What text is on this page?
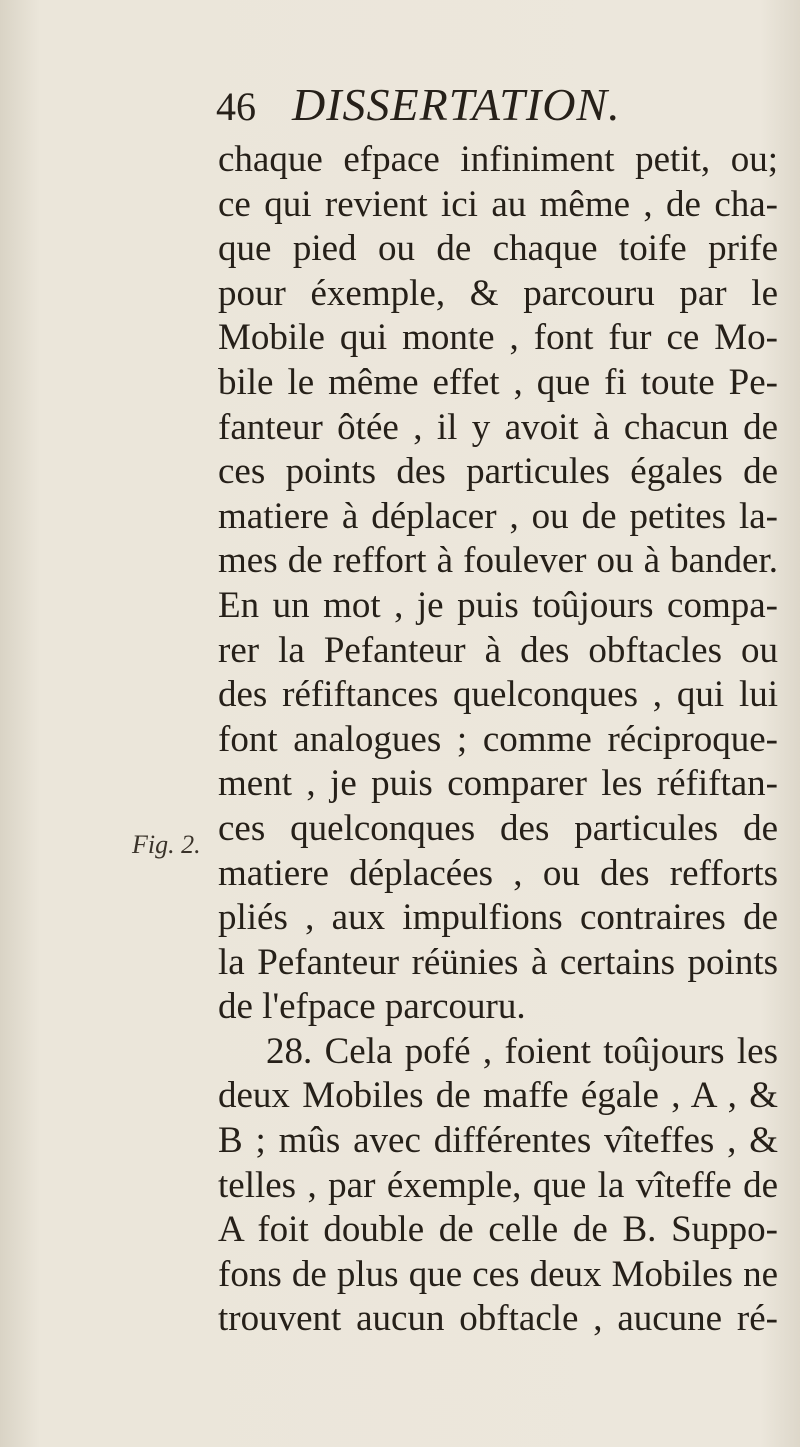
46 DISSERTATION.
Fig. 2.
chaque efpace infiniment petit, ou;
ce qui revient ici au même , de cha-
que pied ou de chaque toife prife
pour éxemple, & parcouru par le
Mobile qui monte , font fur ce Mo-
bile le même effet , que fi toute Pe-
fanteur ôtée , il y avoit à chacun de
ces points des particules égales de
matiere à déplacer , ou de petites la-
mes de reffort à foulever ou à bander.
En un mot , je puis toûjours compa-
rer la Pefanteur à des obftacles ou
des réfiftances quelconques , qui lui
font analogues ; comme réciproque-
ment , je puis comparer les réfiftan-
ces quelconques des particules de
matiere déplacées , ou des refforts
pliés , aux impulfions contraires de
la Pefanteur réünies à certains points
de l'efpace parcouru.
28. Cela pofé , foient toûjours les
deux Mobiles de maffe égale , A , &
B ; mûs avec différentes vîteffes , &
telles , par éxemple, que la vîteffe de
A foit double de celle de B. Suppo-
fons de plus que ces deux Mobiles ne
trouvent aucun obftacle , aucune ré-
